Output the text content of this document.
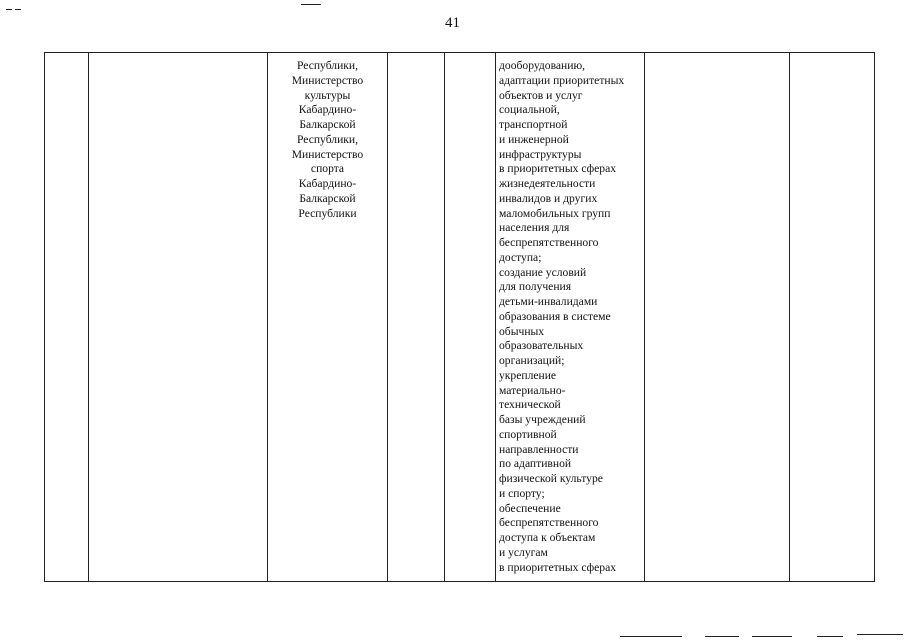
41

Республики,
Министерство
культуры
Кабардино-
Балкарской
Республики,
Министерство
спорта
Кабардино-
Балкарской
Республики

дооборудованию,
адаптации приоритетных
объектов и услуг
социальной,
транспортной
и инженерной
инфраструктуры
в приоритетных сферах
жизнедеятельности
инвалидов и других
маломобильных групп
населения для
беспрепятственного
доступа;
создание условий
для получения
детьми-инвалидами
образования в системе
обычных
образовательных
организаций;
укрепление
материально-
технической
базы учреждений
спортивной
направленности
по адаптивной
физической культуре
и спорту;
обеспечение
беспрепятственного
доступа к объектам
и услугам
в приоритетных сферах
